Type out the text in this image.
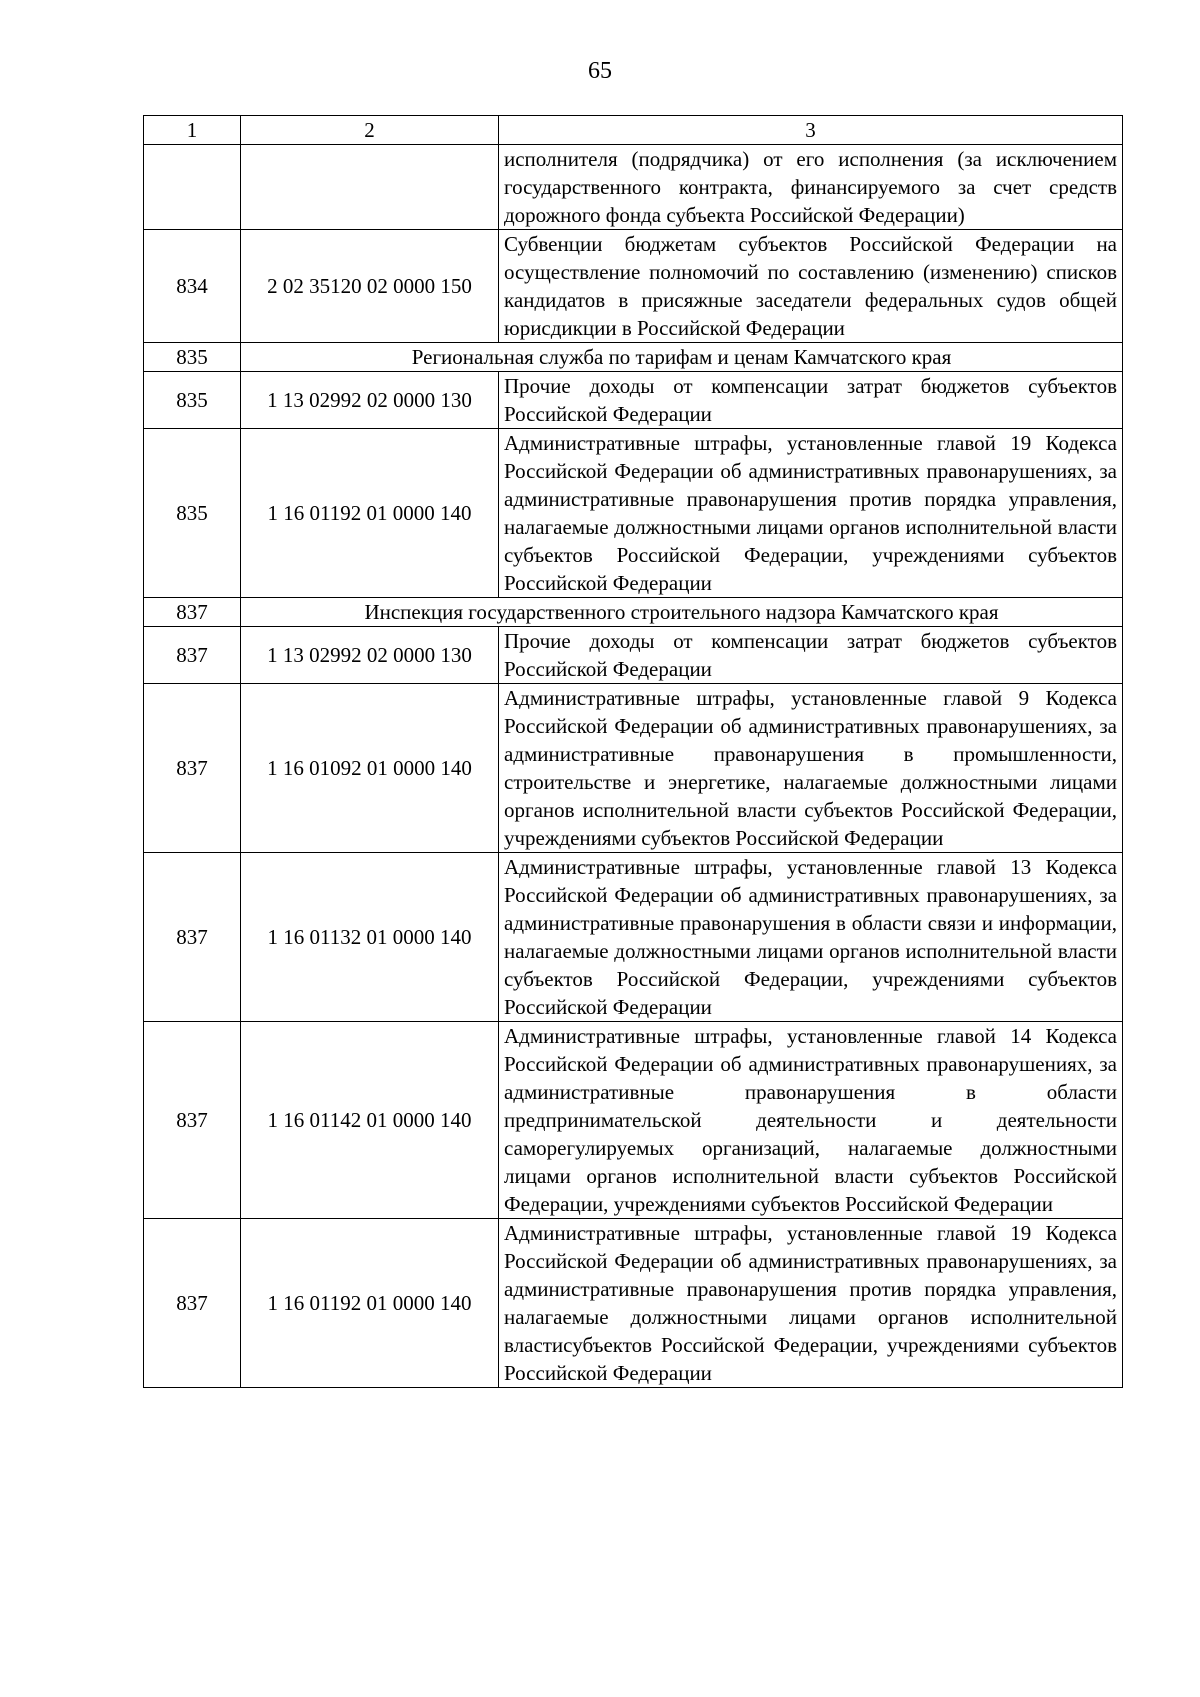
65
1	2	3
		исполнителя (подрядчика) от его исполнения (за исключением государственного контракта, финансируемого за счет средств дорожного фонда субъекта Российской Федерации)
834	2 02 35120 02 0000 150	Субвенции бюджетам субъектов Российской Федерации на осуществление полномочий по составлению (изменению) списков кандидатов в присяжные заседатели федеральных судов общей юрисдикции в Российской Федерации
835	Региональная служба по тарифам и ценам Камчатского края	
835	1 13 02992 02 0000 130	Прочие доходы от компенсации затрат бюджетов субъектов Российской Федерации
835	1 16 01192 01 0000 140	Административные штрафы, установленные главой 19 Кодекса Российской Федерации об административных правонарушениях, за административные правонарушения против порядка управления, налагаемые должностными лицами органов исполнительной власти субъектов Российской Федерации, учреждениями субъектов Российской Федерации
837	Инспекция государственного строительного надзора Камчатского края	
837	1 13 02992 02 0000 130	Прочие доходы от компенсации затрат бюджетов субъектов Российской Федерации
837	1 16 01092 01 0000 140	Административные штрафы, установленные главой 9 Кодекса Российской Федерации об административных правонарушениях, за административные правонарушения в промышленности, строительстве и энергетике, налагаемые должностными лицами органов исполнительной власти субъектов Российской Федерации, учреждениями субъектов Российской Федерации
837	1 16 01132 01 0000 140	Административные штрафы, установленные главой 13 Кодекса Российской Федерации об административных правонарушениях, за административные правонарушения в области связи и информации, налагаемые должностными лицами органов исполнительной власти субъектов Российской Федерации, учреждениями субъектов Российской Федерации
837	1 16 01142 01 0000 140	Административные штрафы, установленные главой 14 Кодекса Российской Федерации об административных правонарушениях, за административные правонарушения в области предпринимательской деятельности и деятельности саморегулируемых организаций, налагаемые должностными лицами органов исполнительной власти субъектов Российской Федерации, учреждениями субъектов Российской Федерации
837	1 16 01192 01 0000 140	Административные штрафы, установленные главой 19 Кодекса Российской Федерации об административных правонарушениях, за административные правонарушения против порядка управления, налагаемые должностными лицами органов исполнительной властисубъектов Российской Федерации, учреждениями субъектов Российской Федерации
